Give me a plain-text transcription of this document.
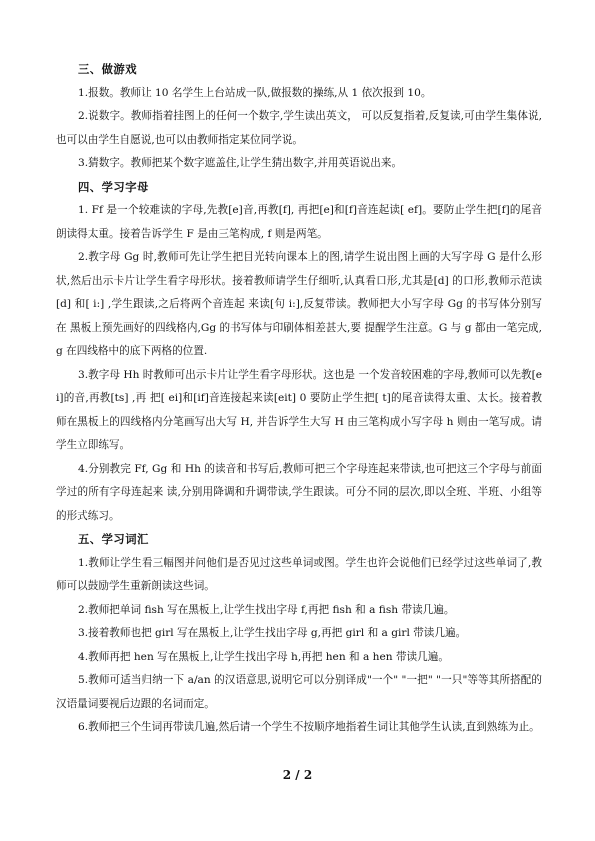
三、做游戏
1.报数。教师让 10 名学生上台站成一队,做报数的操练,从 1 依次报到 10。
2.说数字。教师指着挂图上的任何一个数字,学生读出英文， 可以反复指着,反复读,可由学生集体说,也可以由学生自愿说,也可以由教师指定某位同学说。
3.猜数字。教师把某个数字遮盖住,让学生猜出数字,并用英语说出来。
四、学习字母
1. Ff 是一个较难读的字母,先教[e]音,再教[f], 再把[e]和[f]音连起读[ ef]。要防止学生把[f]的尾音朗读得太重。接着告诉学生 F 是由三笔构成, f 则是两笔。
2.教字母 Gg 时,教师可先让学生把目光转向课本上的图,请学生说出图上画的大写字母 G 是什么形状,然后出示卡片让学生看字母形状。接着教师请学生仔细听,认真看口形,尤其是[d] 的口形,教师示范读[d] 和[ i:] ,学生跟读,之后将两个音连起 来读[句 i:],反复带读。教师把大小写字母 Gg 的书写体分别写在 黑板上预先画好的四线格内,Gg 的书写体与印刷体相差甚大,要 提醒学生注意。G 与 g 都由一笔完成, g 在四线格中的底下两格的位置.
3.教字母 Hh 时教师可出示卡片让学生看字母形状。这也是 一个发音较困难的字母,教师可以先教[ei]的音,再教[ts] ,再 把[ ei]和[if]音连接起来读[eit] 0 要防止学生把[ t]的尾音读得太重、太长。接着教师在黑板上的四线格内分笔画写出大写 H, 并告诉学生大写 H 由三笔构成小写字母 h 则由一笔写成。请学生立即练写。
4.分别教完 Ff, Gg 和 Hh 的读音和书写后,教师可把三个字母连起来带读,也可把这三个字母与前面学过的所有字母连起来 读,分别用降调和升调带读,学生跟读。可分不同的层次,即以全班、半班、小组等的形式练习。
五、学习词汇
1.教师让学生看三幅图并问他们是否见过这些单词或图。学生也许会说他们已经学过这些单词了,教师可以鼓励学生重新朗读这些词。
2.教师把单词 fish 写在黑板上,让学生找出字母 f,再把 fish 和 a fish 带读几遍。
3.接着教师也把 girl 写在黑板上,让学生找出字母 g,再把 girl 和 a girl 带读几遍。
4.教师再把 hen 写在黑板上,让学生找出字母 h,再把 hen 和 a hen 带读几遍。
5.教师可适当归纳一下 a/an 的汉语意思,说明它可以分别译成"一个" "一把" "一只"等等其所搭配的汉语量词要视后边跟的名词而定。
6.教师把三个生词再带读几遍,然后请一个学生不按顺序地指着生词让其他学生认读,直到熟练为止。
2 / 2
